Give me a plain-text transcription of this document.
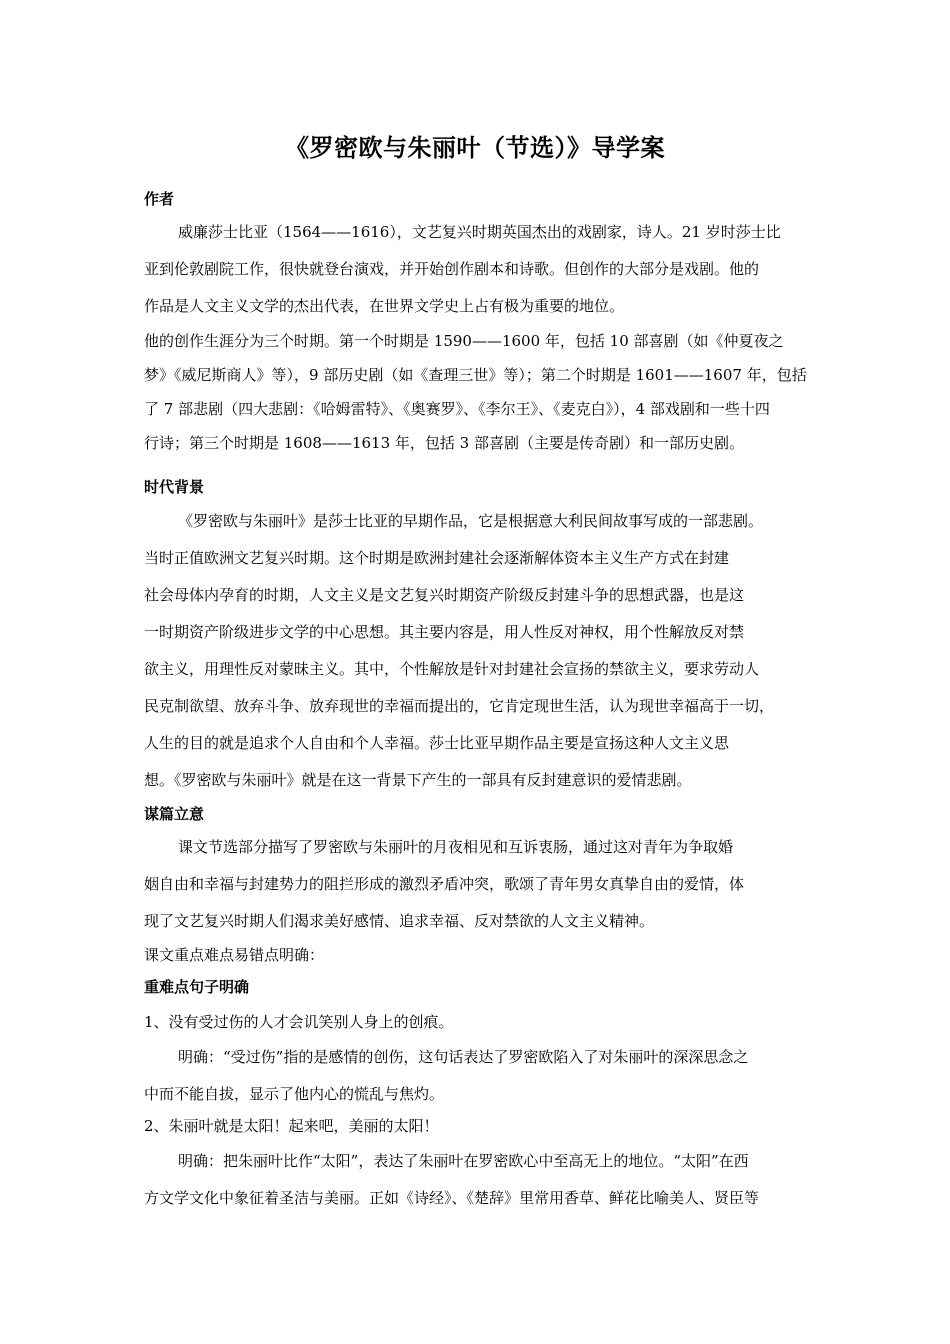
《罗密欧与朱丽叶（节选）》导学案
作者
威廉莎士比亚（1564——1616），文艺复兴时期英国杰出的戏剧家，诗人。21 岁时莎士比
亚到伦敦剧院工作，很快就登台演戏，并开始创作剧本和诗歌。但创作的大部分是戏剧。他的
作品是人文主义文学的杰出代表，在世界文学史上占有极为重要的地位。
他的创作生涯分为三个时期。第一个时期是 1590——1600 年，包括 10 部喜剧（如《仲夏夜之
梦》《威尼斯商人》等），9 部历史剧（如《查理三世》等）；第二个时期是 1601——1607 年，包括
了 7 部悲剧（四大悲剧：《哈姆雷特》、《奥赛罗》、《李尔王》、《麦克白》），4 部戏剧和一些十四
行诗；第三个时期是 1608——1613 年，包括 3 部喜剧（主要是传奇剧）和一部历史剧。
时代背景
《罗密欧与朱丽叶》是莎士比亚的早期作品，它是根据意大利民间故事写成的一部悲剧。
当时正值欧洲文艺复兴时期。这个时期是欧洲封建社会逐渐解体资本主义生产方式在封建
社会母体内孕育的时期，人文主义是文艺复兴时期资产阶级反封建斗争的思想武器，也是这
一时期资产阶级进步文学的中心思想。其主要内容是，用人性反对神权，用个性解放反对禁
欲主义，用理性反对蒙昧主义。其中，个性解放是针对封建社会宣扬的禁欲主义，要求劳动人
民克制欲望、放弃斗争、放弃现世的幸福而提出的，它肯定现世生活，认为现世幸福高于一切，
人生的目的就是追求个人自由和个人幸福。莎士比亚早期作品主要是宣扬这种人文主义思
想。《罗密欧与朱丽叶》就是在这一背景下产生的一部具有反封建意识的爱情悲剧。
谋篇立意
课文节选部分描写了罗密欧与朱丽叶的月夜相见和互诉衷肠，通过这对青年为争取婚
姻自由和幸福与封建势力的阻拦形成的激烈矛盾冲突，歌颂了青年男女真挚自由的爱情，体
现了文艺复兴时期人们渴求美好感情、追求幸福、反对禁欲的人文主义精神。
课文重点难点易错点明确：
重难点句子明确
1、没有受过伤的人才会讥笑别人身上的创痕。
明确：“受过伤”指的是感情的创伤，这句话表达了罗密欧陷入了对朱丽叶的深深思念之
中而不能自拔，显示了他内心的慌乱与焦灼。
2、朱丽叶就是太阳！起来吧，美丽的太阳！
明确：把朱丽叶比作“太阳”，表达了朱丽叶在罗密欧心中至高无上的地位。“太阳”在西
方文学文化中象征着圣洁与美丽。正如《诗经》、《楚辞》里常用香草、鲜花比喻美人、贤臣等
